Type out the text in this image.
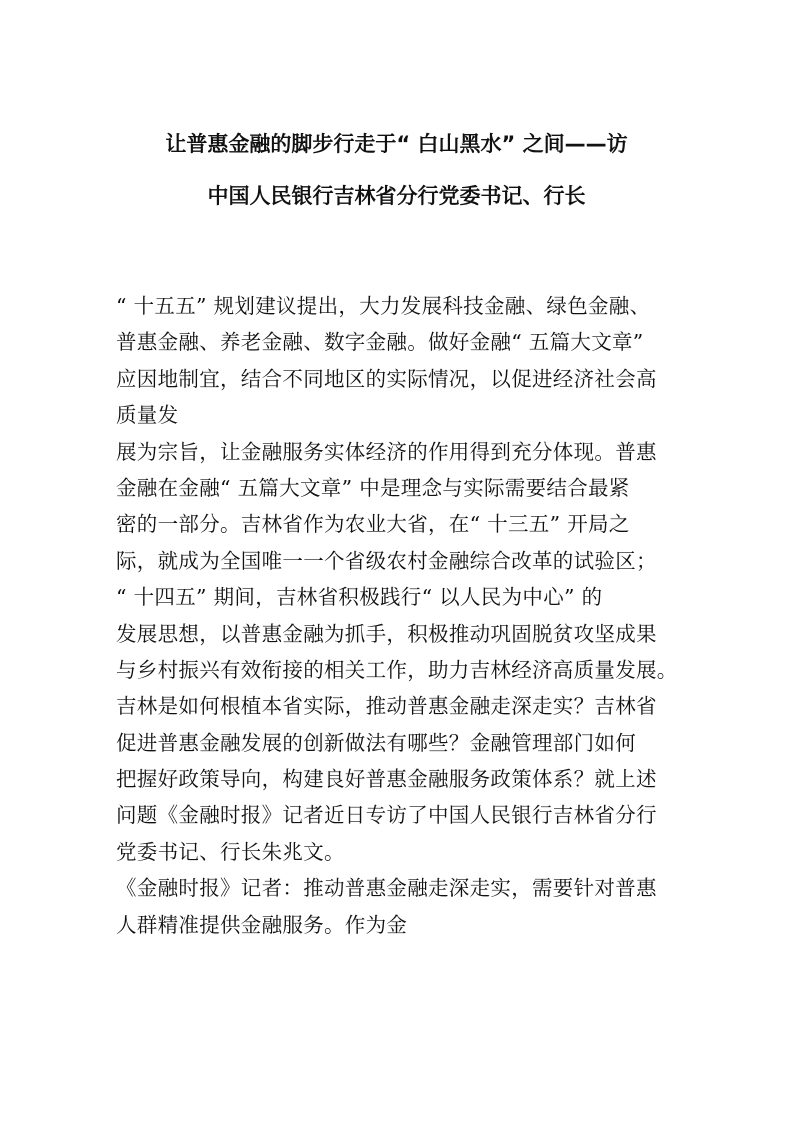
让普惠金融的脚步行走于“ 白山黑水” 之间——访
中国人民银行吉林省分行党委书记、行长
“ 十五五” 规划建议提出，大力发展科技金融、绿色金融、
普惠金融、养老金融、数字金融。做好金融“ 五篇大文章”
应因地制宜，结合不同地区的实际情况，以促进经济社会高
质量发
展为宗旨，让金融服务实体经济的作用得到充分体现。普惠
金融在金融“ 五篇大文章” 中是理念与实际需要结合最紧
密的一部分。吉林省作为农业大省，在“ 十三五” 开局之
际，就成为全国唯一一个省级农村金融综合改革的试验区；
“ 十四五” 期间，吉林省积极践行“ 以人民为中心” 的
发展思想，以普惠金融为抓手，积极推动巩固脱贫攻坚成果
与乡村振兴有效衔接的相关工作，助力吉林经济高质量发展。
吉林是如何根植本省实际，推动普惠金融走深走实？吉林省
促进普惠金融发展的创新做法有哪些？金融管理部门如何
把握好政策导向，构建良好普惠金融服务政策体系？就上述
问题《金融时报》记者近日专访了中国人民银行吉林省分行
党委书记、行长朱兆文。
《金融时报》记者：推动普惠金融走深走实，需要针对普惠
人群精准提供金融服务。作为金
